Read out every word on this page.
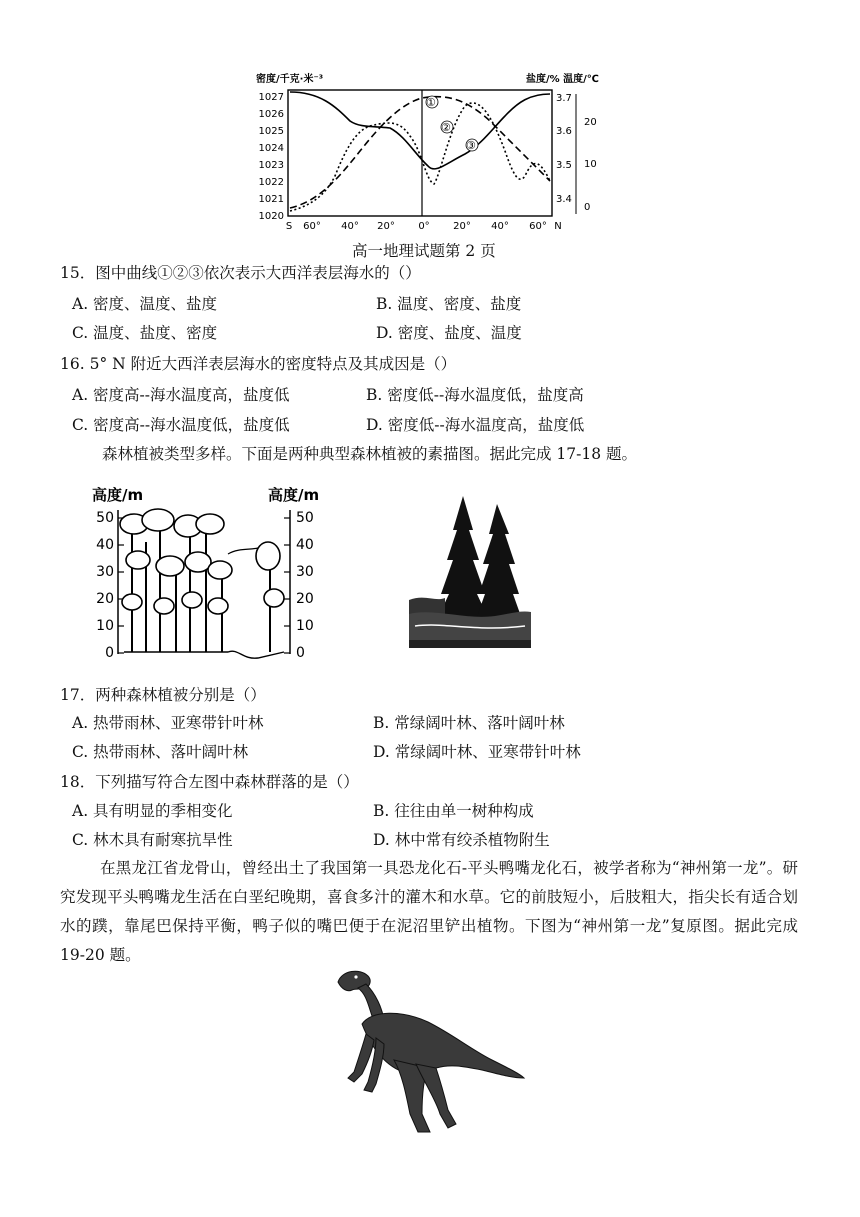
密度/千克·米⁻³	盐度/% 温度/℃
1027
1026
1025
1024
1023
1022
1021
1020
3.7
3.6
3.5
3.4
20
10
0
S 60° 40° 20° 0° 20° 40° 60° N
①
②
③
高一地理试题第 2 页
15．图中曲线①②③依次表示大西洋表层海水的（）
A. 密度、温度、盐度	B. 温度、密度、盐度
C. 温度、盐度、密度	D. 密度、盐度、温度
16. 5° N 附近大西洋表层海水的密度特点及其成因是（）
A. 密度高--海水温度高，盐度低	B. 密度低--海水温度低，盐度高
C. 密度高--海水温度低，盐度低	D. 密度低--海水温度高，盐度低
森林植被类型多样。下面是两种典型森林植被的素描图。据此完成 17-18 题。
高度/m	高度/m
50
40
30
20
10
0
50
40
30
20
10
0
17．两种森林植被分别是（）
A. 热带雨林、亚寒带针叶林	B. 常绿阔叶林、落叶阔叶林
C. 热带雨林、落叶阔叶林	D. 常绿阔叶林、亚寒带针叶林
18．下列描写符合左图中森林群落的是（）
A. 具有明显的季相变化	B. 往往由单一树种构成
C. 林木具有耐寒抗旱性	D. 林中常有绞杀植物附生
在黑龙江省龙骨山，曾经出土了我国第一具恐龙化石-平头鸭嘴龙化石，被学者称为“神州第一龙”。研究发现平头鸭嘴龙生活在白垩纪晚期，喜食多汁的灌木和水草。它的前肢短小，后肢粗大，指尖长有适合划水的蹼，靠尾巴保持平衡，鸭子似的嘴巴便于在泥沼里铲出植物。下图为“神州第一龙”复原图。据此完成 19-20 题。
